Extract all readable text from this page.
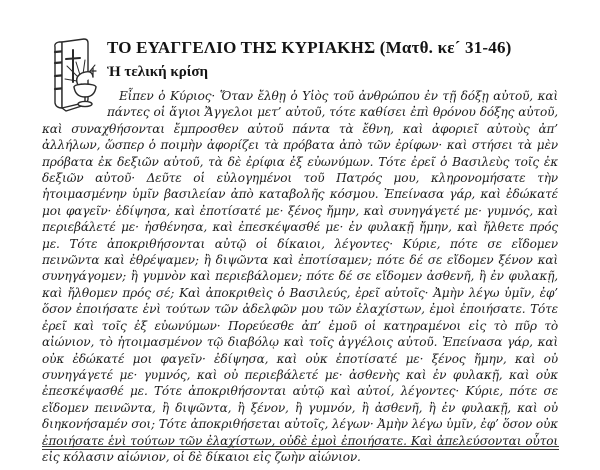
ΤΟ ΕΥΑΓΓΕΛΙΟ ΤΗΣ ΚΥΡΙΑΚΗΣ (Ματθ. κε´ 31-46)
Ἡ τελική κρίση

Εἶπεν ὁ Κύριος· Ὅταν ἔλθῃ ὁ Υἱὸς τοῦ ἀνθρώπου ἐν τῇ δόξῃ αὐτοῦ, καὶ πάντες οἱ ἅγιοι Ἄγγελοι μετ’ αὐτοῦ, τότε καθίσει ἐπὶ θρόνου δόξης αὐτοῦ, καὶ συναχθήσονται ἔμπροσθεν αὐτοῦ πάντα τὰ ἔθνη, καὶ ἀφοριεῖ αὐτοὺς ἀπ’ ἀλλήλων, ὥσπερ ὁ ποιμὴν ἀφορίζει τὰ πρόβατα ἀπὸ τῶν ἐρίφων· καὶ στήσει τὰ μὲν πρόβατα ἐκ δεξιῶν αὐτοῦ, τὰ δὲ ἐρίφια ἐξ εὐωνύμων. Τότε ἐρεῖ ὁ Βασιλεὺς τοῖς ἐκ δεξιῶν αὐτοῦ· Δεῦτε οἱ εὐλογημένοι τοῦ Πατρός μου, κληρονομήσατε τὴν ἡτοιμασμένην ὑμῖν βασιλείαν ἀπὸ καταβολῆς κόσμου. Ἐπείνασα γάρ, καὶ ἐδώκατέ μοι φαγεῖν· ἐδίψησα, καὶ ἐποτίσατέ με· ξένος ἤμην, καὶ συνηγάγετέ με· γυμνός, καὶ περιεβάλετέ με· ἠσθένησα, καὶ ἐπεσκέψασθέ με· ἐν φυλακῇ ἤμην, καὶ ἤλθετε πρός με. Τότε ἀποκριθήσονται αὐτῷ οἱ δίκαιοι, λέγοντες· Κύριε, πότε σε εἴδομεν πεινῶντα καὶ ἐθρέψαμεν; ἢ διψῶντα καὶ ἐποτίσαμεν; πότε δέ σε εἴδομεν ξένον καὶ συνηγάγομεν; ἢ γυμνὸν καὶ περιεβάλομεν; πότε δέ σε εἴδομεν ἀσθενῆ, ἢ ἐν φυλακῇ, καὶ ἤλθομεν πρός σέ; Καὶ ἀποκριθεὶς ὁ Βασιλεύς, ἐρεῖ αὐτοῖς· Ἀμὴν λέγω ὑμῖν, ἐφ’ ὅσον ἐποιήσατε ἑνὶ τούτων τῶν ἀδελφῶν μου τῶν ἐλαχίστων, ἐμοὶ ἐποιήσατε. Τότε ἐρεῖ καὶ τοῖς ἐξ εὐωνύμων· Πορεύεσθε ἀπ’ ἐμοῦ οἱ κατηραμένοι εἰς τὸ πῦρ τὸ αἰώνιον, τὸ ἡτοιμασμένον τῷ διαβόλῳ καὶ τοῖς ἀγγέλοις αὐτοῦ. Ἐπείνασα γάρ, καὶ οὐκ ἐδώκατέ μοι φαγεῖν· ἐδίψησα, καὶ οὐκ ἐποτίσατέ με· ξένος ἤμην, καὶ οὐ συνηγάγετέ με· γυμνός, καὶ οὐ περιεβάλετέ με· ἀσθενὴς καὶ ἐν φυλακῇ, καὶ οὐκ ἐπεσκέψασθέ με. Τότε ἀποκριθήσονται αὐτῷ καὶ αὐτοί, λέγοντες· Κύριε, πότε σε εἴδομεν πεινῶντα, ἢ διψῶντα, ἢ ξένον, ἢ γυμνόν, ἢ ἀσθενῆ, ἢ ἐν φυλακῇ, καὶ οὐ διηκονήσαμέν σοι; Τότε ἀποκριθήσεται αὐτοῖς, λέγων· Ἀμὴν λέγω ὑμῖν, ἐφ’ ὅσον οὐκ ἐποιήσατε ἑνὶ τούτων τῶν ἐλαχίστων, οὐδὲ ἐμοὶ ἐποιήσατε. Καὶ ἀπελεύσονται οὗτοι εἰς κόλασιν αἰώνιον, οἱ δὲ δίκαιοι εἰς ζωὴν αἰώνιον.
